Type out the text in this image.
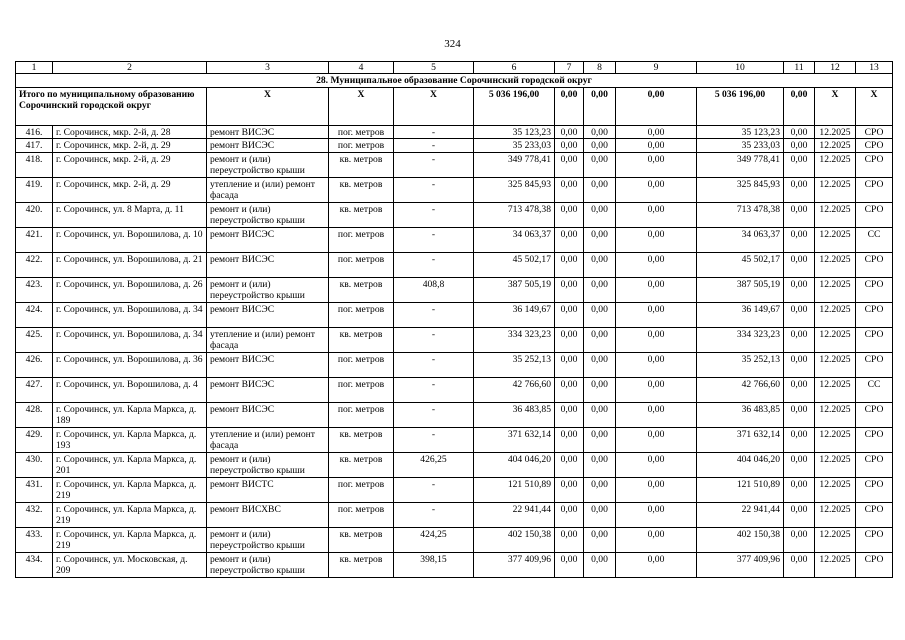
324
1	2	3	4	5	6	7	8	9	10	11	12	13
28. Муниципальное образование Сорочинский городской округ												
Итого по муниципальному образованию Сорочинский городской округ		X	X	X	5 036 196,00	0,00	0,00	0,00	5 036 196,00	0,00	X	X
416.	г. Сорочинск, мкр. 2-й, д. 28	ремонт ВИСЭС	пог. метров	-	35 123,23	0,00	0,00	0,00	35 123,23	0,00	12.2025	СРО
417.	г. Сорочинск, мкр. 2-й, д. 29	ремонт ВИСЭС	пог. метров	-	35 233,03	0,00	0,00	0,00	35 233,03	0,00	12.2025	СРО
418.	г. Сорочинск, мкр. 2-й, д. 29	ремонт и (или) переустройство крыши	кв. метров	-	349 778,41	0,00	0,00	0,00	349 778,41	0,00	12.2025	СРО
419.	г. Сорочинск, мкр. 2-й, д. 29	утепление и (или) ремонт фасада	кв. метров	-	325 845,93	0,00	0,00	0,00	325 845,93	0,00	12.2025	СРО
420.	г. Сорочинск, ул. 8 Марта, д. 11	ремонт и (или) переустройство крыши	кв. метров	-	713 478,38	0,00	0,00	0,00	713 478,38	0,00	12.2025	СРО
421.	г. Сорочинск, ул. Ворошилова, д. 10	ремонт ВИСЭС	пог. метров	-	34 063,37	0,00	0,00	0,00	34 063,37	0,00	12.2025	СС
422.	г. Сорочинск, ул. Ворошилова, д. 21	ремонт ВИСЭС	пог. метров	-	45 502,17	0,00	0,00	0,00	45 502,17	0,00	12.2025	СРО
423.	г. Сорочинск, ул. Ворошилова, д. 26	ремонт и (или) переустройство крыши	кв. метров	408,8	387 505,19	0,00	0,00	0,00	387 505,19	0,00	12.2025	СРО
424.	г. Сорочинск, ул. Ворошилова, д. 34	ремонт ВИСЭС	пог. метров	-	36 149,67	0,00	0,00	0,00	36 149,67	0,00	12.2025	СРО
425.	г. Сорочинск, ул. Ворошилова, д. 34	утепление и (или) ремонт фасада	кв. метров	-	334 323,23	0,00	0,00	0,00	334 323,23	0,00	12.2025	СРО
426.	г. Сорочинск, ул. Ворошилова, д. 36	ремонт ВИСЭС	пог. метров	-	35 252,13	0,00	0,00	0,00	35 252,13	0,00	12.2025	СРО
427.	г. Сорочинск, ул. Ворошилова, д. 4	ремонт ВИСЭС	пог. метров	-	42 766,60	0,00	0,00	0,00	42 766,60	0,00	12.2025	СС
428.	г. Сорочинск, ул. Карла Маркса, д. 189	ремонт ВИСЭС	пог. метров	-	36 483,85	0,00	0,00	0,00	36 483,85	0,00	12.2025	СРО
429.	г. Сорочинск, ул. Карла Маркса, д. 193	утепление и (или) ремонт фасада	кв. метров	-	371 632,14	0,00	0,00	0,00	371 632,14	0,00	12.2025	СРО
430.	г. Сорочинск, ул. Карла Маркса, д. 201	ремонт и (или) переустройство крыши	кв. метров	426,25	404 046,20	0,00	0,00	0,00	404 046,20	0,00	12.2025	СРО
431.	г. Сорочинск, ул. Карла Маркса, д. 219	ремонт ВИСТС	пог. метров	-	121 510,89	0,00	0,00	0,00	121 510,89	0,00	12.2025	СРО
432.	г. Сорочинск, ул. Карла Маркса, д. 219	ремонт ВИСХВС	пог. метров	-	22 941,44	0,00	0,00	0,00	22 941,44	0,00	12.2025	СРО
433.	г. Сорочинск, ул. Карла Маркса, д. 219	ремонт и (или) переустройство крыши	кв. метров	424,25	402 150,38	0,00	0,00	0,00	402 150,38	0,00	12.2025	СРО
434.	г. Сорочинск, ул. Московская, д. 209	ремонт и (или) переустройство крыши	кв. метров	398,15	377 409,96	0,00	0,00	0,00	377 409,96	0,00	12.2025	СРО
